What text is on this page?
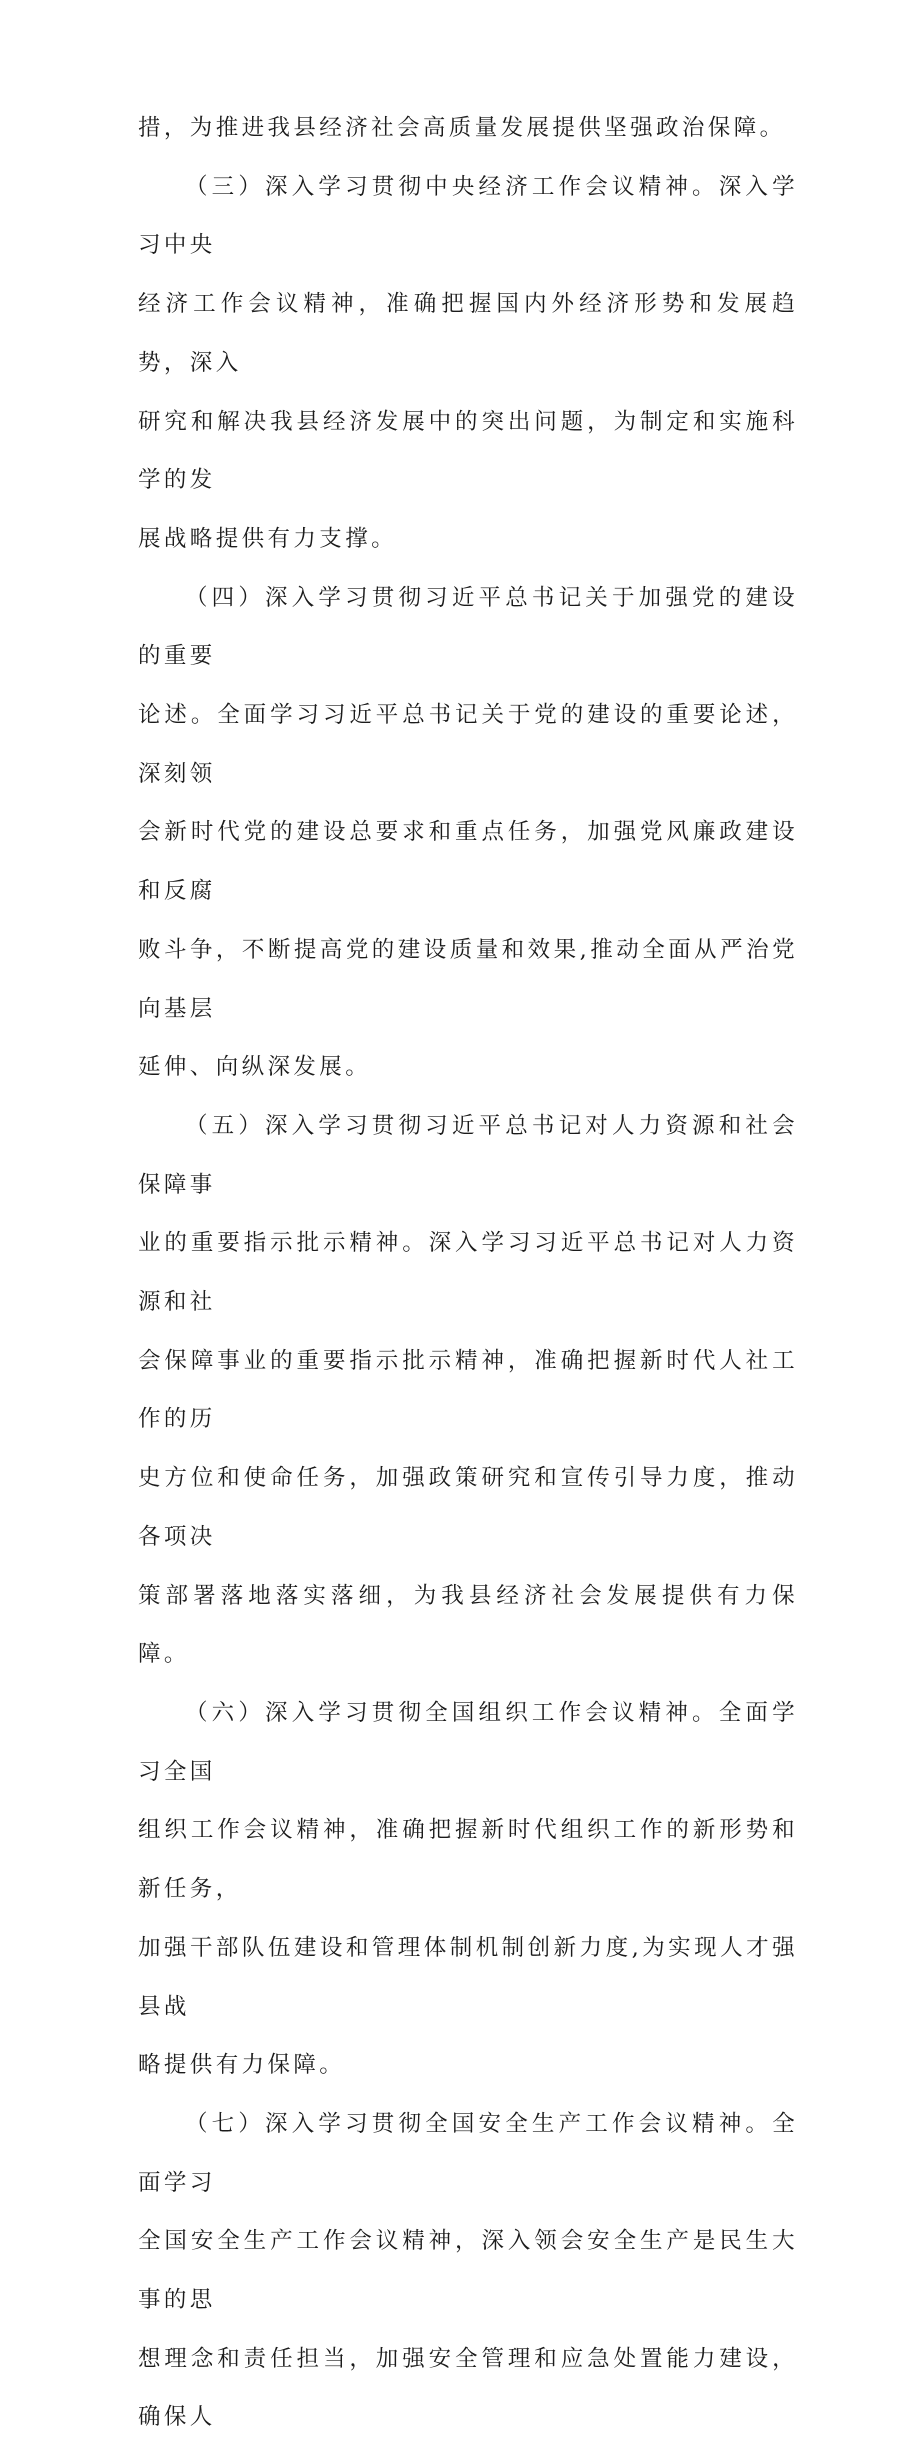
措，为推进我县经济社会高质量发展提供坚强政治保障。

（三）深入学习贯彻中央经济工作会议精神。深入学习中央
经济工作会议精神，准确把握国内外经济形势和发展趋势，深入
研究和解决我县经济发展中的突出问题，为制定和实施科学的发
展战略提供有力支撑。

（四）深入学习贯彻习近平总书记关于加强党的建设的重要
论述。全面学习习近平总书记关于党的建设的重要论述，深刻领
会新时代党的建设总要求和重点任务，加强党风廉政建设和反腐
败斗争，不断提高党的建设质量和效果,推动全面从严治党向基层
延伸、向纵深发展。

（五）深入学习贯彻习近平总书记对人力资源和社会保障事
业的重要指示批示精神。深入学习习近平总书记对人力资源和社
会保障事业的重要指示批示精神，准确把握新时代人社工作的历
史方位和使命任务，加强政策研究和宣传引导力度，推动各项决
策部署落地落实落细，为我县经济社会发展提供有力保障。

（六）深入学习贯彻全国组织工作会议精神。全面学习全国
组织工作会议精神，准确把握新时代组织工作的新形势和新任务，
加强干部队伍建设和管理体制机制创新力度,为实现人才强县战
略提供有力保障。

（七）深入学习贯彻全国安全生产工作会议精神。全面学习
全国安全生产工作会议精神，深入领会安全生产是民生大事的思
想理念和责任担当，加强安全管理和应急处置能力建设，确保人
